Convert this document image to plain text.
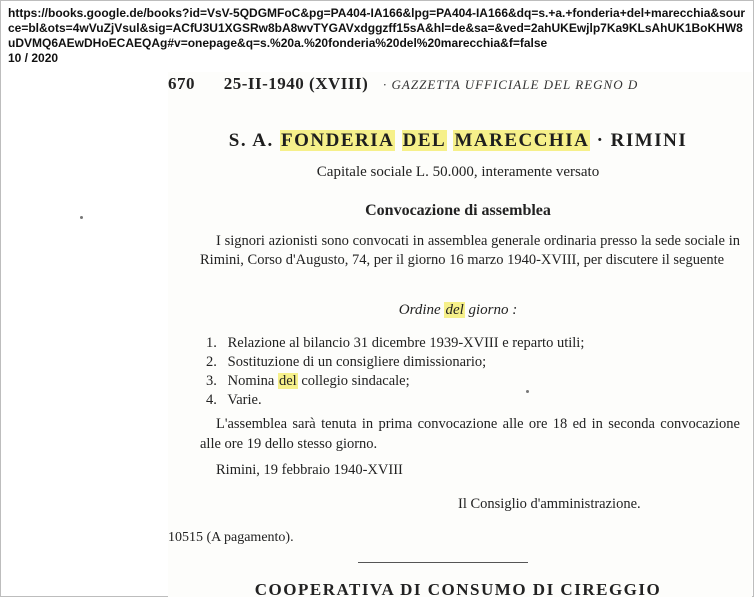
https://books.google.de/books?id=VsV-5QDGMFoC&pg=PA404-IA166&lpg=PA404-IA166&dq=s.+a.+fonderia+del+marecchia&source=bl&ots=4wVuZjVsul&sig=ACfU3U1XGSRw8bA8wvTYGAVxdggzff15sA&hl=de&sa=&ved=2ahUKEwjlp7Ka9KLsAhUK1BoKHW8uDVMQ6AEwDHoECAEQAg#v=onepage&q=s.%20a.%20fonderia%20del%20marecchia&f=false
10 / 2020
670 25-II-1940 (XVIII) · GAZZETTA UFFICIALE DEL REGNO D
S. A. FONDERIA DEL MARECCHIA · RIMINI
Capitale sociale L. 50.000, interamente versato
Convocazione di assemblea
I signori azionisti sono convocati in assemblea generale ordinaria presso la sede sociale in Rimini, Corso d'Augusto, 74, per il giorno 16 marzo 1940-XVIII, per discutere il seguente
Ordine del giorno :
1. Relazione al bilancio 31 dicembre 1939-XVIII e reparto utili;
2. Sostituzione di un consigliere dimissionario;
3. Nomina del collegio sindacale;
4. Varie.
L'assemblea sarà tenuta in prima convocazione alle ore 18 ed in seconda convocazione alle ore 19 dello stesso giorno.
Rimini, 19 febbraio 1940-XVIII
Il Consiglio d'amministrazione.
10515 (A pagamento).
COOPERATIVA DI CONSUMO DI CIREGGIO
